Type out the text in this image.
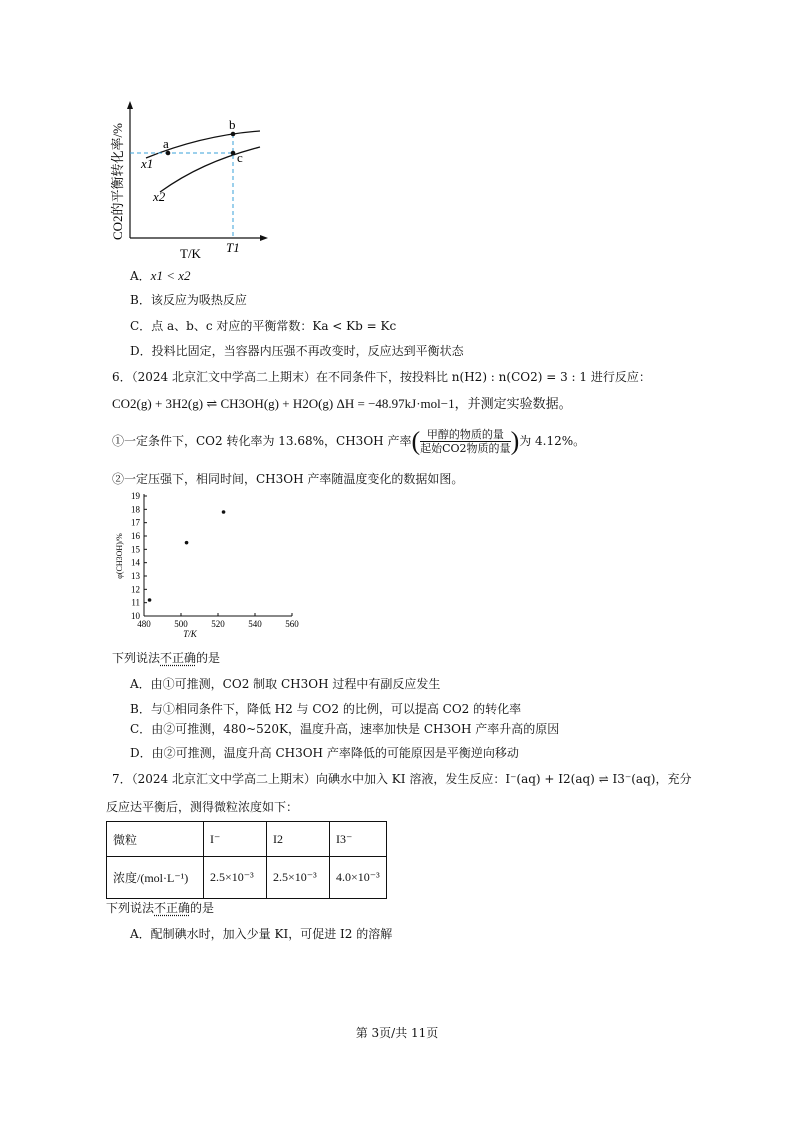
a
b
c
x1
x2
T/K T1
CO2的平衡转化率/%
A．x1 < x2
B．该反应为吸热反应
C．点 a、b、c 对应的平衡常数：Ka < Kb = Kc
D．投料比固定，当容器内压强不再改变时，反应达到平衡状态
6．（2024 北京汇文中学高二上期末）在不同条件下，按投料比 n(H2) : n(CO2) = 3 : 1 进行反应：
CO2(g) + 3H2(g) ⇌ CH3OH(g) + H2O(g) ΔH = −48.97kJ·mol−1，并测定实验数据。
①一定条件下，CO2 转化率为 13.68%，CH3OH 产率( $\frac{\text{甲醇的物质的量}}{\text{起始CO2物质的量}}$ )为 4.12%。
②一定压强下，相同时间，CH3OH 产率随温度变化的数据如图。
10
11
12
13
14
15
16
17
18
19
480	500	520	540	560
T/K
φ(CH3OH)/%
下列说法不正确的是
A．由①可推测，CO2 制取 CH3OH 过程中有副反应发生
B．与①相同条件下，降低 H2 与 CO2 的比例，可以提高 CO2 的转化率
C．由②可推测，480~520K，温度升高，速率加快是 CH3OH 产率升高的原因
D．由②可推测，温度升高 CH3OH 产率降低的可能原因是平衡逆向移动
7．（2024 北京汇文中学高二上期末）向碘水中加入 KI 溶液，发生反应：I⁻(aq) + I2(aq) ⇌ I3⁻(aq)，充分
反应达平衡后，测得微粒浓度如下：
微粒	I⁻	I2	I3⁻
浓度/(mol·L⁻¹)	2.5×10⁻³	2.5×10⁻³	4.0×10⁻³
下列说法不正确的是
A．配制碘水时，加入少量 KI，可促进 I2 的溶解
第 3页/共 11页
